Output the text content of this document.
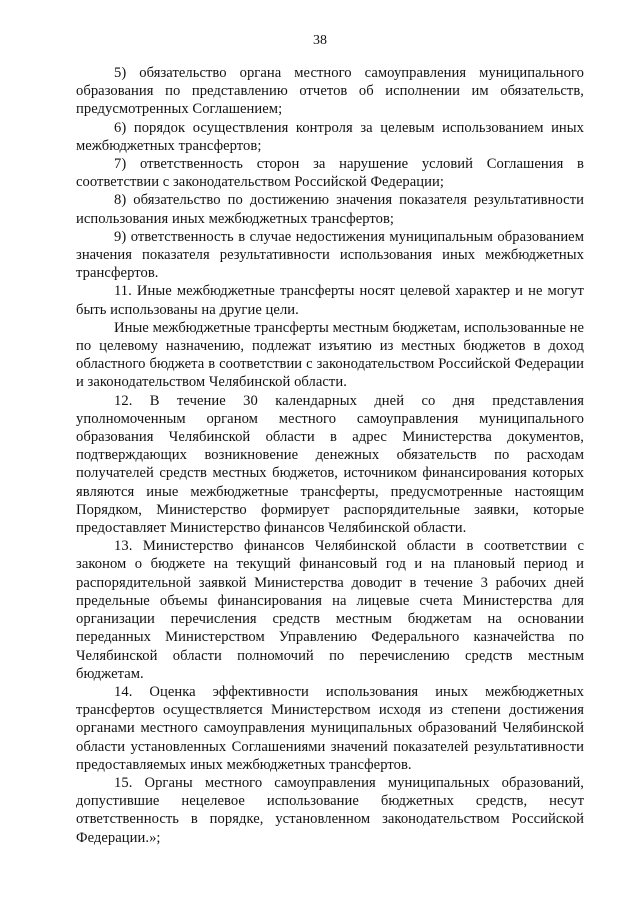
38

5) обязательство органа местного самоуправления муниципального образования по представлению отчетов об исполнении им обязательств, предусмотренных Соглашением;

6) порядок осуществления контроля за целевым использованием иных межбюджетных трансфертов;

7) ответственность сторон за нарушение условий Соглашения в соответствии с законодательством Российской Федерации;

8) обязательство по достижению значения показателя результативности использования иных межбюджетных трансфертов;

9) ответственность в случае недостижения муниципальным образованием значения показателя результативности использования иных межбюджетных трансфертов.

11. Иные межбюджетные трансферты носят целевой характер и не могут быть использованы на другие цели.

Иные межбюджетные трансферты местным бюджетам, использованные не по целевому назначению, подлежат изъятию из местных бюджетов в доход областного бюджета в соответствии с законодательством Российской Федерации и законодательством Челябинской области.

12. В течение 30 календарных дней со дня представления уполномоченным органом местного самоуправления муниципального образования Челябинской области в адрес Министерства документов, подтверждающих возникновение денежных обязательств по расходам получателей средств местных бюджетов, источником финансирования которых являются иные межбюджетные трансферты, предусмотренные настоящим Порядком, Министерство формирует распорядительные заявки, которые предоставляет Министерство финансов Челябинской области.

13. Министерство финансов Челябинской области в соответствии с законом о бюджете на текущий финансовый год и на плановый период и распорядительной заявкой Министерства доводит в течение 3 рабочих дней предельные объемы финансирования на лицевые счета Министерства для организации перечисления средств местным бюджетам на основании переданных Министерством Управлению Федерального казначейства по Челябинской области полномочий по перечислению средств местным бюджетам.

14. Оценка эффективности использования иных межбюджетных трансфертов осуществляется Министерством исходя из степени достижения органами местного самоуправления муниципальных образований Челябинской области установленных Соглашениями значений показателей результативности предоставляемых иных межбюджетных трансфертов.

15. Органы местного самоуправления муниципальных образований, допустившие нецелевое использование бюджетных средств, несут ответственность в порядке, установленном законодательством Российской Федерации.»;
